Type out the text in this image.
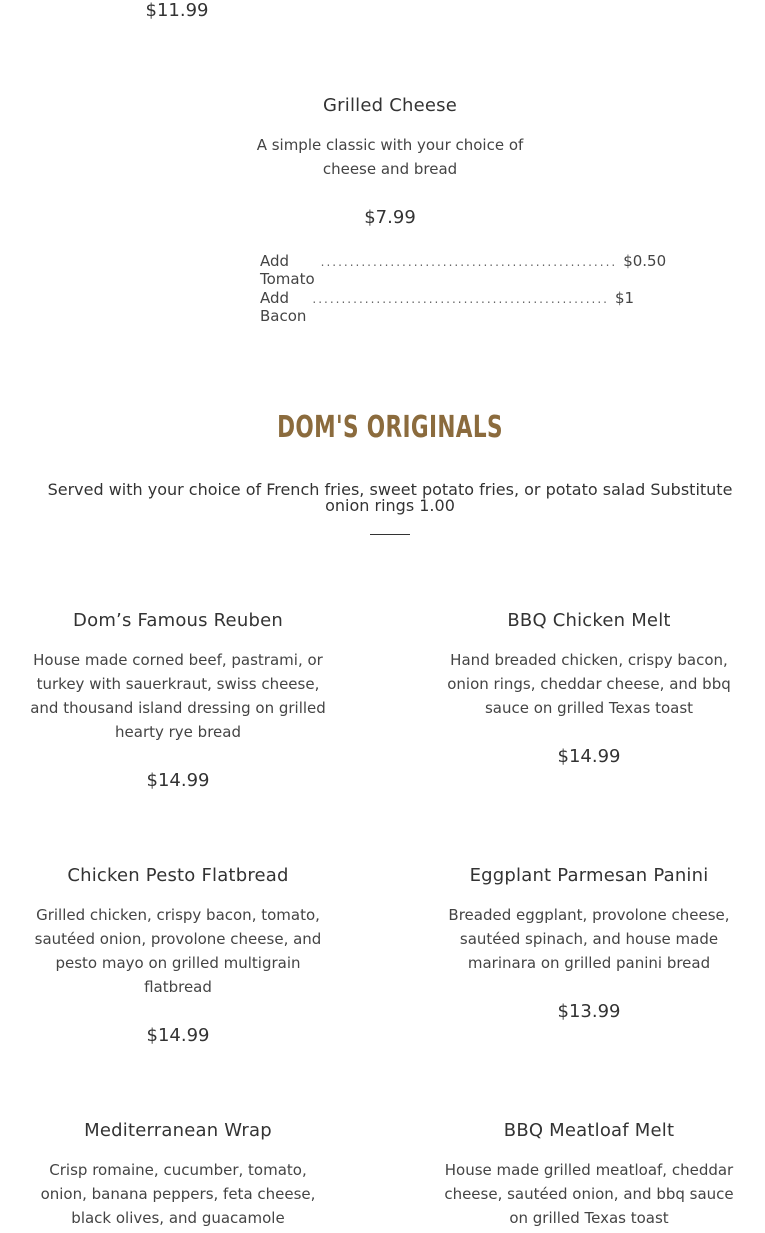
$11.99
Grilled Cheese
A simple classic with your choice of cheese and bread
$7.99
Add Tomato
................................................... $0.50
Add Bacon
................................................... $1
DOM'S ORIGINALS
Served with your choice of French fries, sweet potato fries, or potato salad Substitute onion rings 1.00
Dom’s Famous Reuben
House made corned beef, pastrami, or turkey with sauerkraut, swiss cheese, and thousand island dressing on grilled hearty rye bread
$14.99
BBQ Chicken Melt
Hand breaded chicken, crispy bacon, onion rings, cheddar cheese, and bbq sauce on grilled Texas toast
$14.99
Chicken Pesto Flatbread
Grilled chicken, crispy bacon, tomato, sautéed onion, provolone cheese, and pesto mayo on grilled multigrain flatbread
$14.99
Eggplant Parmesan Panini
Breaded eggplant, provolone cheese, sautéed spinach, and house made marinara on grilled panini bread
$13.99
Mediterranean Wrap
Crisp romaine, cucumber, tomato, onion, banana peppers, feta cheese, black olives, and guacamole
BBQ Meatloaf Melt
House made grilled meatloaf, cheddar cheese, sautéed onion, and bbq sauce on grilled Texas toast
